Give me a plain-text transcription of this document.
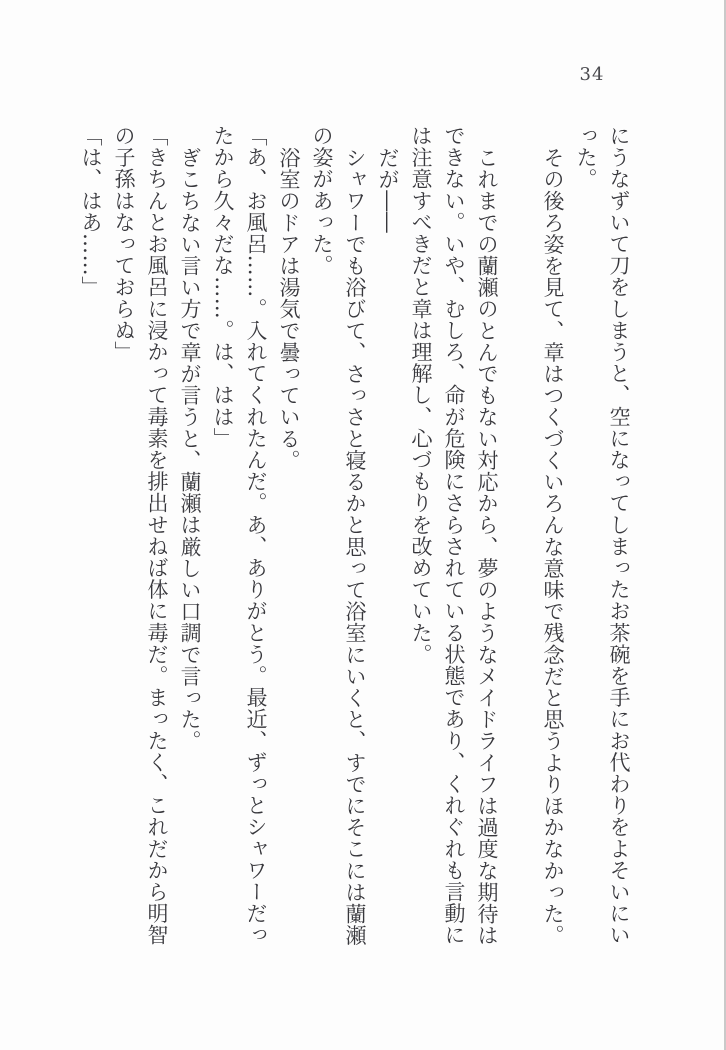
34
にうなずいて刀をしまうと、空になってしまったお茶碗を手にお代わりをよそいにい
った。
その後ろ姿を見て、章はつくづくいろんな意味で残念だと思うよりほかなかった。
これまでの蘭瀬のとんでもない対応から、夢のようなメイドライフは過度な期待は
できない。いや、むしろ、命が危険にさらされている状態であり、くれぐれも言動に
は注意すべきだと章は理解し、心づもりを改めていた。
だが――
シャワーでも浴びて、さっさと寝るかと思って浴室にいくと、すでにそこには蘭瀬
の姿があった。
浴室のドアは湯気で曇っている。
「あ、お風呂……。入れてくれたんだ。あ、ありがとう。最近、ずっとシャワーだっ
たから久々だな……。は、はは」
ぎこちない言い方で章が言うと、蘭瀬は厳しい口調で言った。
「きちんとお風呂に浸かって毒素を排出せねば体に毒だ。まったく、これだから明智
の子孫はなっておらぬ」
「は、はあ……」
